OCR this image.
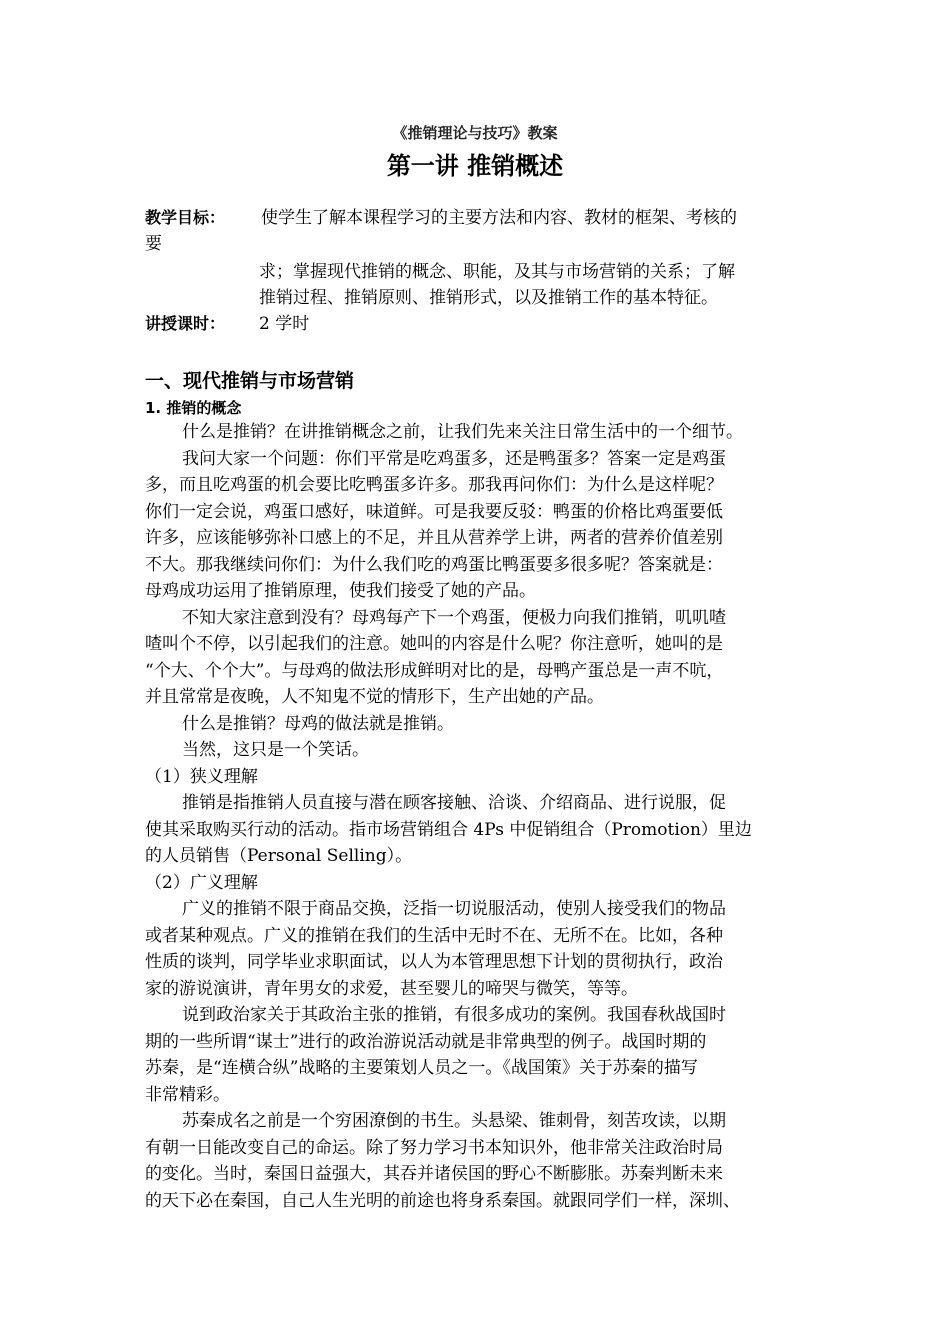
《推销理论与技巧》教案
第一讲 推销概述
教学目标： 使学生了解本课程学习的主要方法和内容、教材的框架、考核的
要
求；掌握现代推销的概念、职能，及其与市场营销的关系；了解
推销过程、推销原则、推销形式，以及推销工作的基本特征。
讲授课时： 2 学时
一、现代推销与市场营销
1. 推销的概念
什么是推销？在讲推销概念之前，让我们先来关注日常生活中的一个细节。
我问大家一个问题：你们平常是吃鸡蛋多，还是鸭蛋多？答案一定是鸡蛋
多，而且吃鸡蛋的机会要比吃鸭蛋多许多。那我再问你们：为什么是这样呢？
你们一定会说，鸡蛋口感好，味道鲜。可是我要反驳：鸭蛋的价格比鸡蛋要低
许多，应该能够弥补口感上的不足，并且从营养学上讲，两者的营养价值差别
不大。那我继续问你们：为什么我们吃的鸡蛋比鸭蛋要多很多呢？答案就是：
母鸡成功运用了推销原理，使我们接受了她的产品。
不知大家注意到没有？母鸡每产下一个鸡蛋，便极力向我们推销，叽叽喳
喳叫个不停，以引起我们的注意。她叫的内容是什么呢？你注意听，她叫的是
“个大、个个大”。与母鸡的做法形成鲜明对比的是，母鸭产蛋总是一声不吭，
并且常常是夜晚，人不知鬼不觉的情形下，生产出她的产品。
什么是推销？母鸡的做法就是推销。
当然，这只是一个笑话。
（1）狭义理解
推销是指推销人员直接与潜在顾客接触、洽谈、介绍商品、进行说服，促
使其采取购买行动的活动。指市场营销组合 4Ps 中促销组合（Promotion）里边
的人员销售（Personal Selling）。
（2）广义理解
广义的推销不限于商品交换，泛指一切说服活动，使别人接受我们的物品
或者某种观点。广义的推销在我们的生活中无时不在、无所不在。比如，各种
性质的谈判，同学毕业求职面试，以人为本管理思想下计划的贯彻执行，政治
家的游说演讲，青年男女的求爱，甚至婴儿的啼哭与微笑，等等。
说到政治家关于其政治主张的推销，有很多成功的案例。我国春秋战国时
期的一些所谓“谋士”进行的政治游说活动就是非常典型的例子。战国时期的
苏秦，是“连横合纵”战略的主要策划人员之一。《战国策》关于苏秦的描写
非常精彩。
苏秦成名之前是一个穷困潦倒的书生。头悬梁、锥刺骨，刻苦攻读，以期
有朝一日能改变自己的命运。除了努力学习书本知识外，他非常关注政治时局
的变化。当时，秦国日益强大，其吞并诸侯国的野心不断膨胀。苏秦判断未来
的天下必在秦国，自己人生光明的前途也将身系秦国。就跟同学们一样，深圳、
